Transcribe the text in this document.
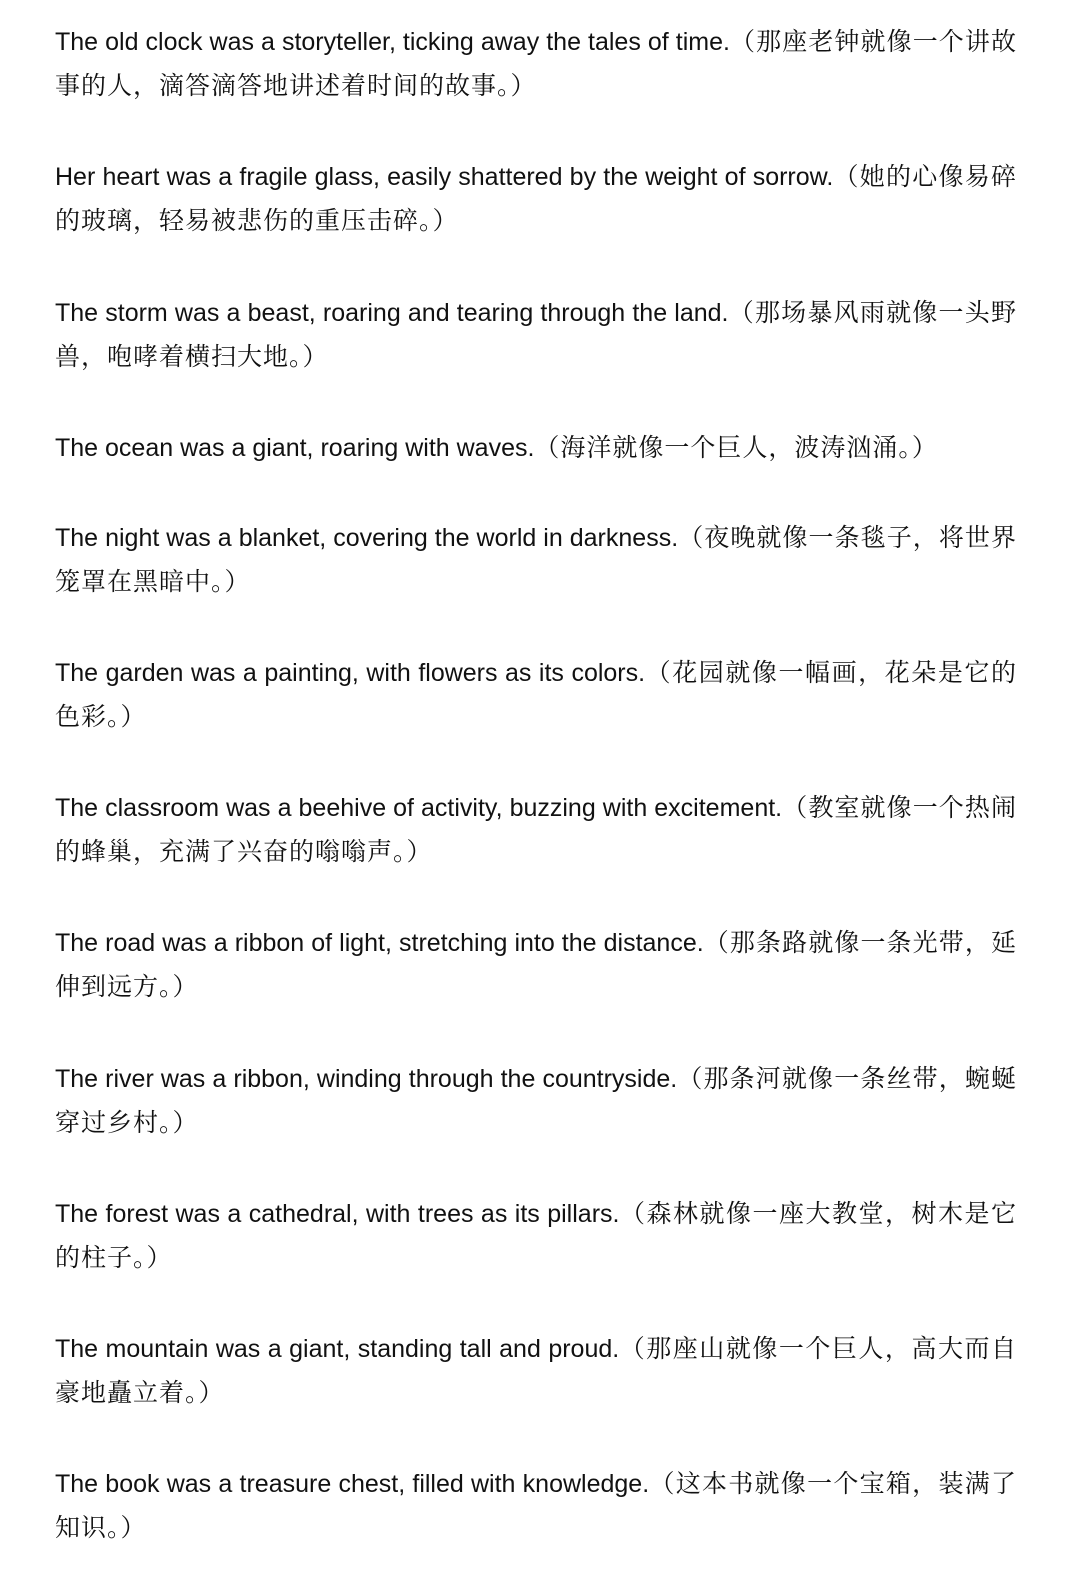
The old clock was a storyteller, ticking away the tales of time.（那座老钟就像一个讲故事的人，滴答滴答地讲述着时间的故事。）

Her heart was a fragile glass, easily shattered by the weight of sorrow.（她的心像易碎的玻璃，轻易被悲伤的重压击碎。）

The storm was a beast, roaring and tearing through the land.（那场暴风雨就像一头野兽，咆哮着横扫大地。）

The ocean was a giant, roaring with waves.（海洋就像一个巨人，波涛汹涌。）

The night was a blanket, covering the world in darkness.（夜晚就像一条毯子，将世界笼罩在黑暗中。）

The garden was a painting, with flowers as its colors.（花园就像一幅画，花朵是它的色彩。）

The classroom was a beehive of activity, buzzing with excitement.（教室就像一个热闹的蜂巢，充满了兴奋的嗡嗡声。）

The road was a ribbon of light, stretching into the distance.（那条路就像一条光带，延伸到远方。）

The river was a ribbon, winding through the countryside.（那条河就像一条丝带，蜿蜒穿过乡村。）

The forest was a cathedral, with trees as its pillars.（森林就像一座大教堂，树木是它的柱子。）

The mountain was a giant, standing tall and proud.（那座山就像一个巨人，高大而自豪地矗立着。）

The book was a treasure chest, filled with knowledge.（这本书就像一个宝箱，装满了知识。）
